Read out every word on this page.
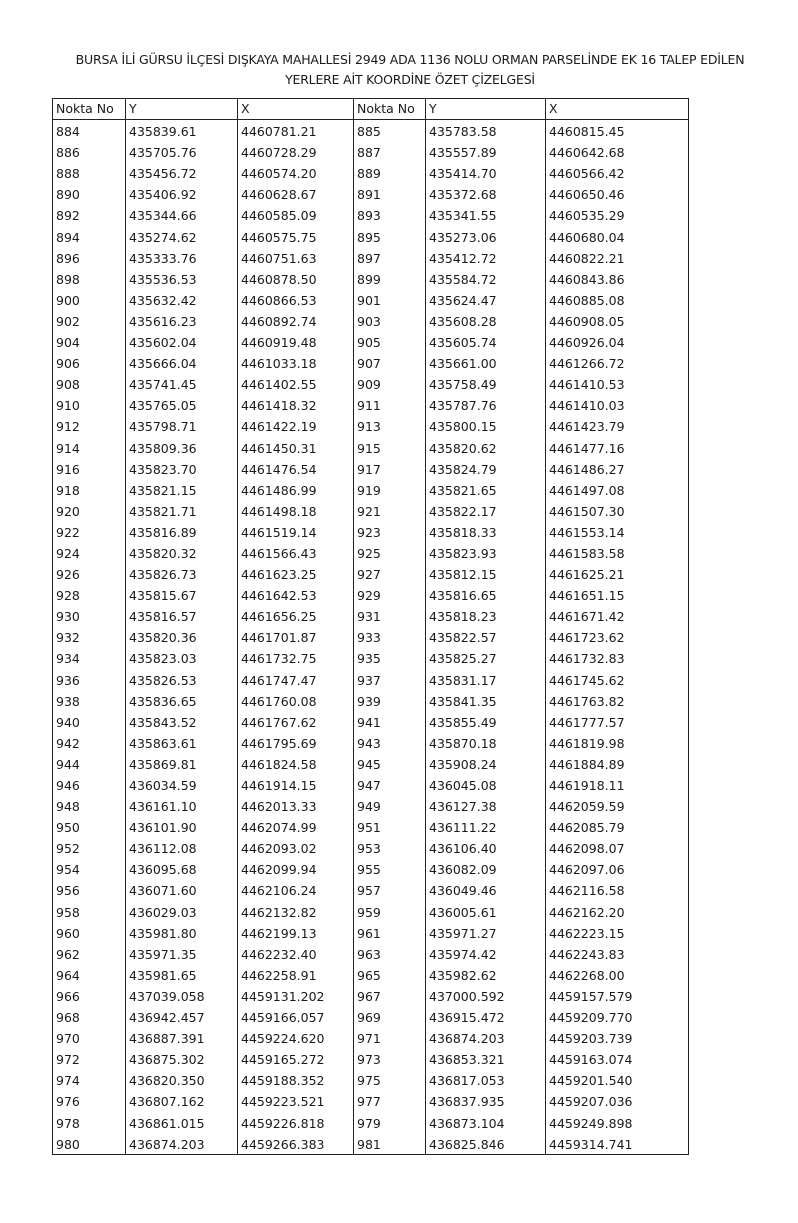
BURSA İLİ GÜRSU İLÇESİ DIŞKAYA MAHALLESİ 2949 ADA 1136 NOLU ORMAN PARSELİNDE EK 16 TALEP EDİLEN
YERLERE AİT KOORDİNE ÖZET ÇİZELGESİ
Nokta No	Y	X	Nokta No	Y	X
884	435839.61	4460781.21	885	435783.58	4460815.45
886	435705.76	4460728.29	887	435557.89	4460642.68
888	435456.72	4460574.20	889	435414.70	4460566.42
890	435406.92	4460628.67	891	435372.68	4460650.46
892	435344.66	4460585.09	893	435341.55	4460535.29
894	435274.62	4460575.75	895	435273.06	4460680.04
896	435333.76	4460751.63	897	435412.72	4460822.21
898	435536.53	4460878.50	899	435584.72	4460843.86
900	435632.42	4460866.53	901	435624.47	4460885.08
902	435616.23	4460892.74	903	435608.28	4460908.05
904	435602.04	4460919.48	905	435605.74	4460926.04
906	435666.04	4461033.18	907	435661.00	4461266.72
908	435741.45	4461402.55	909	435758.49	4461410.53
910	435765.05	4461418.32	911	435787.76	4461410.03
912	435798.71	4461422.19	913	435800.15	4461423.79
914	435809.36	4461450.31	915	435820.62	4461477.16
916	435823.70	4461476.54	917	435824.79	4461486.27
918	435821.15	4461486.99	919	435821.65	4461497.08
920	435821.71	4461498.18	921	435822.17	4461507.30
922	435816.89	4461519.14	923	435818.33	4461553.14
924	435820.32	4461566.43	925	435823.93	4461583.58
926	435826.73	4461623.25	927	435812.15	4461625.21
928	435815.67	4461642.53	929	435816.65	4461651.15
930	435816.57	4461656.25	931	435818.23	4461671.42
932	435820.36	4461701.87	933	435822.57	4461723.62
934	435823.03	4461732.75	935	435825.27	4461732.83
936	435826.53	4461747.47	937	435831.17	4461745.62
938	435836.65	4461760.08	939	435841.35	4461763.82
940	435843.52	4461767.62	941	435855.49	4461777.57
942	435863.61	4461795.69	943	435870.18	4461819.98
944	435869.81	4461824.58	945	435908.24	4461884.89
946	436034.59	4461914.15	947	436045.08	4461918.11
948	436161.10	4462013.33	949	436127.38	4462059.59
950	436101.90	4462074.99	951	436111.22	4462085.79
952	436112.08	4462093.02	953	436106.40	4462098.07
954	436095.68	4462099.94	955	436082.09	4462097.06
956	436071.60	4462106.24	957	436049.46	4462116.58
958	436029.03	4462132.82	959	436005.61	4462162.20
960	435981.80	4462199.13	961	435971.27	4462223.15
962	435971.35	4462232.40	963	435974.42	4462243.83
964	435981.65	4462258.91	965	435982.62	4462268.00
966	437039.058	4459131.202	967	437000.592	4459157.579
968	436942.457	4459166.057	969	436915.472	4459209.770
970	436887.391	4459224.620	971	436874.203	4459203.739
972	436875.302	4459165.272	973	436853.321	4459163.074
974	436820.350	4459188.352	975	436817.053	4459201.540
976	436807.162	4459223.521	977	436837.935	4459207.036
978	436861.015	4459226.818	979	436873.104	4459249.898
980	436874.203	4459266.383	981	436825.846	4459314.741
